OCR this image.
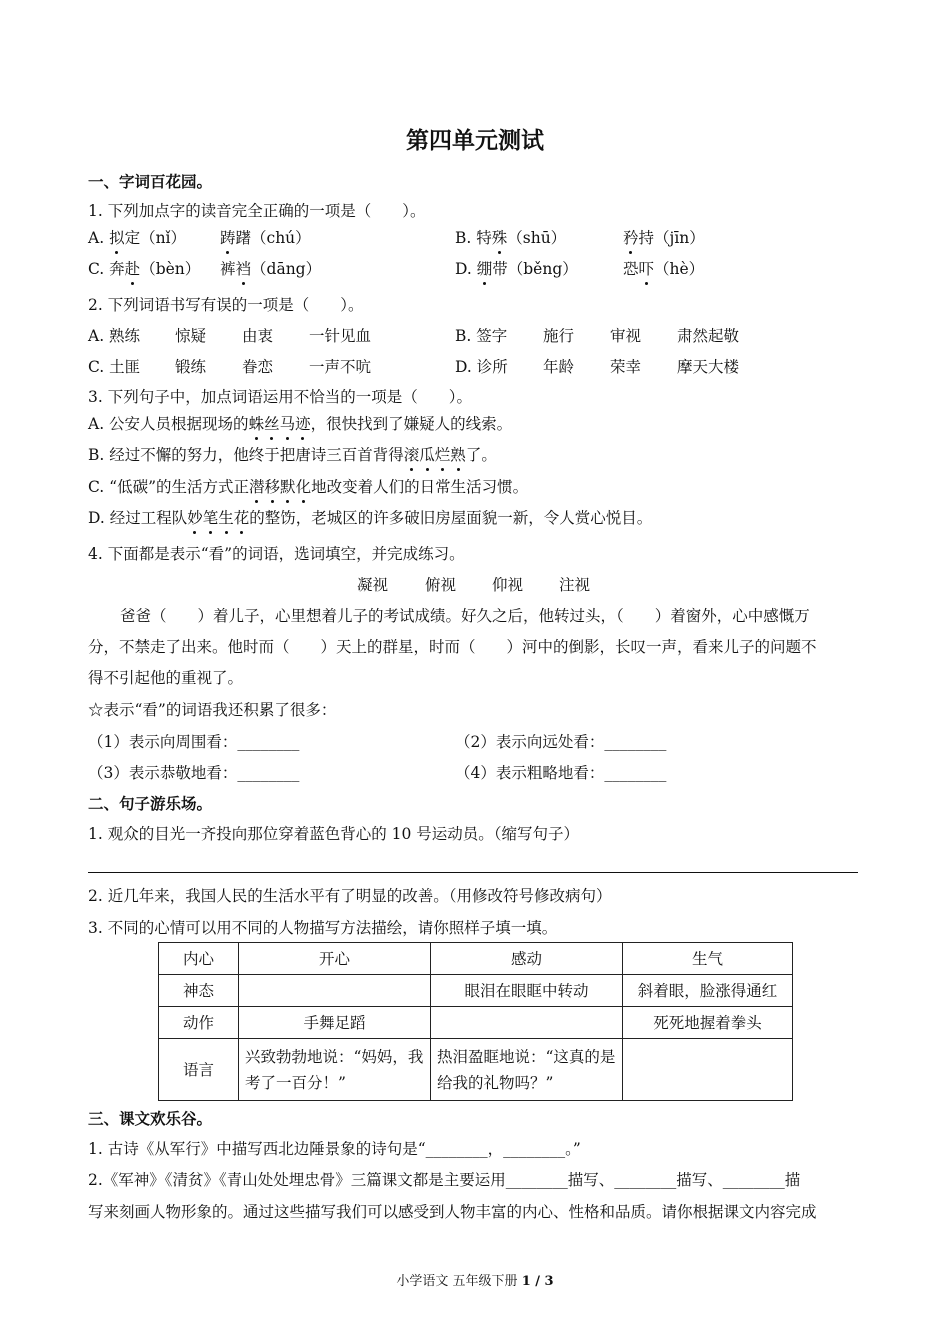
第四单元测试
一、字词百花园。
1. 下列加点字的读音完全正确的一项是（　　）。
A. 拟定（nǐ） 踌躇（chú）	B. 特殊（shū）	矜持（jīn）
C. 奔赴（bèn） 裤裆（dāng）	D. 绷带（běng）	恐吓（hè）
2. 下列词语书写有误的一项是（　　）。
A. 熟练 惊疑 由衷 一针见血	B. 签字 施行 审视 肃然起敬
C. 土匪 锻练 眷恋 一声不吭	D. 诊所 年龄 荣幸 摩天大楼
3. 下列句子中，加点词语运用不恰当的一项是（　　）。
A. 公安人员根据现场的蛛丝马迹，很快找到了嫌疑人的线索。
B. 经过不懈的努力，他终于把唐诗三百首背得滚瓜烂熟了。
C. “低碳”的生活方式正潜移默化地改变着人们的日常生活习惯。
D. 经过工程队妙笔生花的整饬，老城区的许多破旧房屋面貌一新，令人赏心悦目。
4. 下面都是表示“看”的词语，选词填空，并完成练习。
凝视 俯视 仰视 注视
爸爸（　　）着儿子，心里想着儿子的考试成绩。好久之后，他转过头，（　　）着窗外，心中感慨万
分，不禁走了出来。他时而（　　）天上的群星，时而（　　）河中的倒影，长叹一声，看来儿子的问题不
得不引起他的重视了。
☆表示“看”的词语我还积累了很多：
（1）表示向周围看：________	（2）表示向远处看：________
（3）表示恭敬地看：________	（4）表示粗略地看：________
二、句子游乐场。
1. 观众的目光一齐投向那位穿着蓝色背心的 10 号运动员。（缩写句子）
2. 近几年来，我国人民的生活水平有了明显的改善。（用修改符号修改病句）
3. 不同的心情可以用不同的人物描写方法描绘，请你照样子填一填。
内心	开心	感动	生气
神态		眼泪在眼眶中转动	斜着眼，脸涨得通红
动作	手舞足蹈		死死地握着拳头
语言	兴致勃勃地说：“妈妈，我考了一百分！”	热泪盈眶地说：“这真的是给我的礼物吗？”	
三、课文欢乐谷。
1. 古诗《从军行》中描写西北边陲景象的诗句是“________，________。”
2.《军神》《清贫》《青山处处埋忠骨》三篇课文都是主要运用________描写、________描写、________描
写来刻画人物形象的。通过这些描写我们可以感受到人物丰富的内心、性格和品质。请你根据课文内容完成
小学语文 五年级下册 1 / 3
